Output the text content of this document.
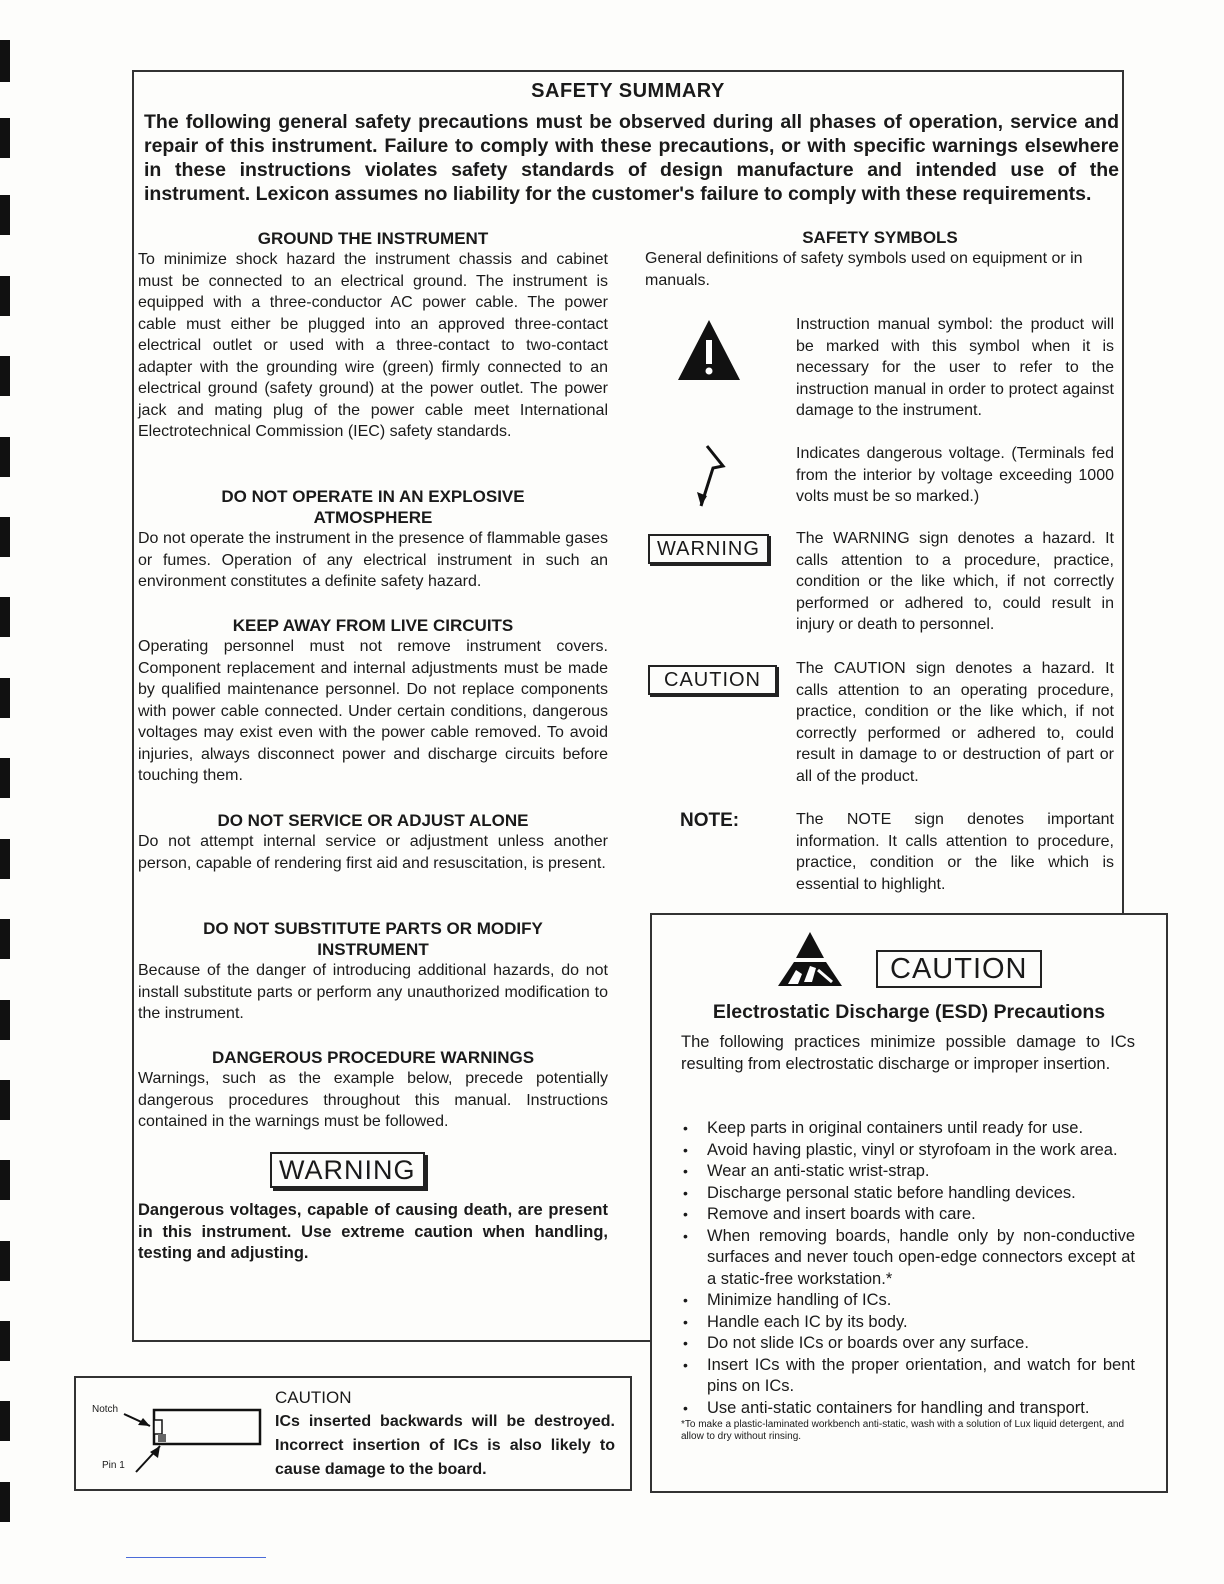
SAFETY SUMMARY
The following general safety precautions must be observed during all phases of operation, service and repair of this instrument. Failure to comply with these precautions, or with specific warnings elsewhere in these instructions violates safety standards of design manufacture and intended use of the instrument. Lexicon assumes no liability for the customer's failure to comply with these requirements.

GROUND THE INSTRUMENT

To minimize shock hazard the instrument chassis and cabinet must be connected to an electrical ground. The instrument is equipped with a three-conductor AC power cable. The power cable must either be plugged into an approved three-contact electrical outlet or used with a three-contact to two-contact adapter with the grounding wire (green) firmly connected to an electrical ground (safety ground) at the power outlet. The power jack and mating plug of the power cable meet International Electrotechnical Commission (IEC) safety standards.

DO NOT OPERATE IN AN EXPLOSIVE ATMOSPHERE

Do not operate the instrument in the presence of flammable gases or fumes. Operation of any electrical instrument in such an environment constitutes a definite safety hazard.

KEEP AWAY FROM LIVE CIRCUITS

Operating personnel must not remove instrument covers. Component replacement and internal adjustments must be made by qualified maintenance personnel. Do not replace components with power cable connected. Under certain conditions, dangerous voltages may exist even with the power cable removed. To avoid injuries, always disconnect power and discharge circuits before touching them.

DO NOT SERVICE OR ADJUST ALONE

Do not attempt internal service or adjustment unless another person, capable of rendering first aid and resuscitation, is present.

DO NOT SUBSTITUTE PARTS OR MODIFY INSTRUMENT

Because of the danger of introducing additional hazards, do not install substitute parts or perform any unauthorized modification to the instrument.

DANGEROUS PROCEDURE WARNINGS

Warnings, such as the example below, precede potentially dangerous procedures throughout this manual. Instructions contained in the warnings must be followed.

WARNING

Dangerous voltages, capable of causing death, are present in this instrument. Use extreme caution when handling, testing and adjusting.

SAFETY SYMBOLS

General definitions of safety symbols used on equipment or in manuals.

Instruction manual symbol: the product will be marked with this symbol when it is necessary for the user to refer to the instruction manual in order to protect against damage to the instrument.

Indicates dangerous voltage. (Terminals fed from the interior by voltage exceeding 1000 volts must be so marked.)

WARNING	The WARNING sign denotes a hazard. It calls attention to a procedure, practice, condition or the like which, if not correctly performed or adhered to, could result in injury or death to personnel.

CAUTION

The CAUTION sign denotes a hazard. It calls attention to an operating procedure, practice, condition or the like which, if not correctly performed or adhered to, could result in damage to or destruction of part or all of the product.

NOTE:	The NOTE sign denotes important information. It calls attention to procedure, practice, condition or the like which is essential to highlight.

CAUTION
Electrostatic Discharge (ESD) Precautions

The following practices minimize possible damage to ICs resulting from electrostatic discharge or improper insertion.

• Keep parts in original containers until ready for use.
• Avoid having plastic, vinyl or styrofoam in the work area.
• Wear an anti-static wrist-strap.
• Discharge personal static before handling devices.
• Remove and insert boards with care.
• When removing boards, handle only by non-conductive surfaces and never touch open-edge connectors except at a static-free workstation.*
• Minimize handling of ICs.
• Handle each IC by its body.
• Do not slide ICs or boards over any surface.
• Insert ICs with the proper orientation, and watch for bent pins on ICs.
• Use anti-static containers for handling and transport.
*To make a plastic-laminated workbench anti-static, wash with a solution of Lux liquid detergent, and allow to dry without rinsing.
Notch
Pin 1
CAUTION

ICs inserted backwards will be destroyed. Incorrect insertion of ICs is also likely to cause damage to the board.
